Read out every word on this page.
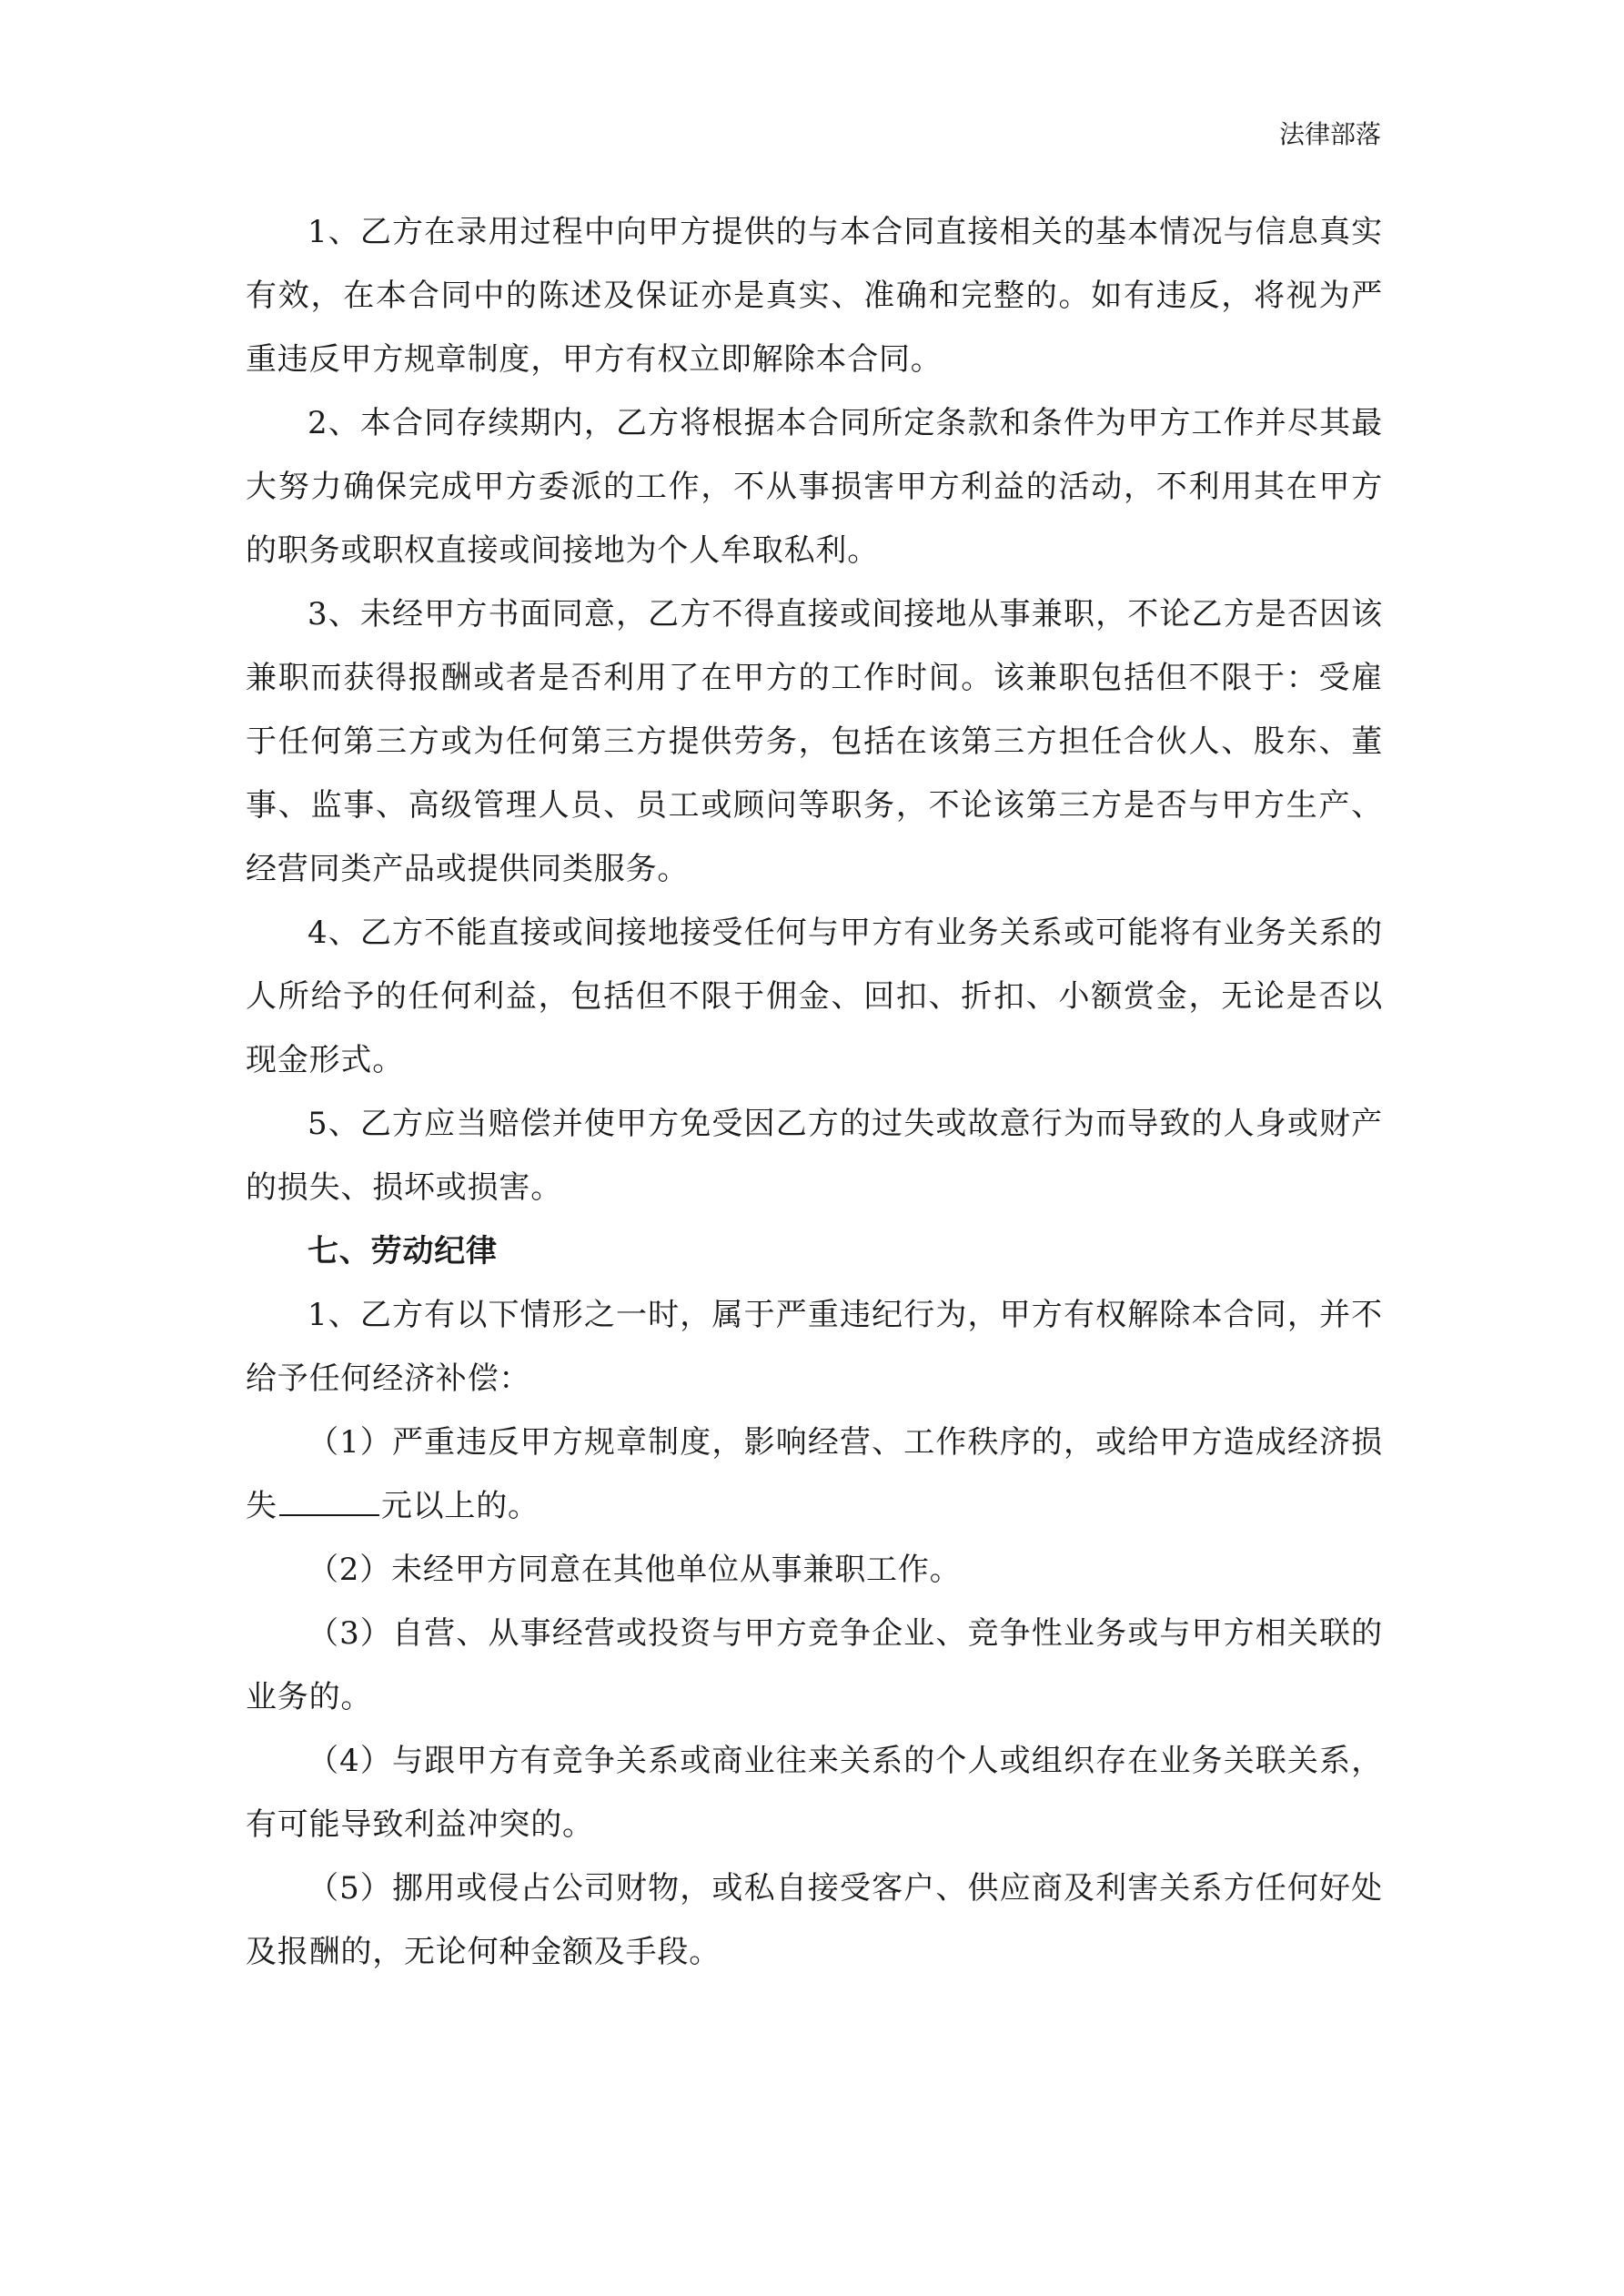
法律部落

1、乙方在录用过程中向甲方提供的与本合同直接相关的基本情况与信息真实有效，在本合同中的陈述及保证亦是真实、准确和完整的。如有违反，将视为严重违反甲方规章制度，甲方有权立即解除本合同。

2、本合同存续期内，乙方将根据本合同所定条款和条件为甲方工作并尽其最大努力确保完成甲方委派的工作，不从事损害甲方利益的活动，不利用其在甲方的职务或职权直接或间接地为个人牟取私利。

3、未经甲方书面同意，乙方不得直接或间接地从事兼职，不论乙方是否因该兼职而获得报酬或者是否利用了在甲方的工作时间。该兼职包括但不限于：受雇于任何第三方或为任何第三方提供劳务，包括在该第三方担任合伙人、股东、董事、监事、高级管理人员、员工或顾问等职务，不论该第三方是否与甲方生产、经营同类产品或提供同类服务。

4、乙方不能直接或间接地接受任何与甲方有业务关系或可能将有业务关系的人所给予的任何利益，包括但不限于佣金、回扣、折扣、小额赏金，无论是否以现金形式。

5、乙方应当赔偿并使甲方免受因乙方的过失或故意行为而导致的人身或财产的损失、损坏或损害。

七、劳动纪律

1、乙方有以下情形之一时，属于严重违纪行为，甲方有权解除本合同，并不给予任何经济补偿：

（1）严重违反甲方规章制度，影响经营、工作秩序的，或给甲方造成经济损失	元以上的。

（2）未经甲方同意在其他单位从事兼职工作。

（3）自营、从事经营或投资与甲方竞争企业、竞争性业务或与甲方相关联的业务的。

（4）与跟甲方有竞争关系或商业往来关系的个人或组织存在业务关联关系，有可能导致利益冲突的。

（5）挪用或侵占公司财物，或私自接受客户、供应商及利害关系方任何好处及报酬的，无论何种金额及手段。
